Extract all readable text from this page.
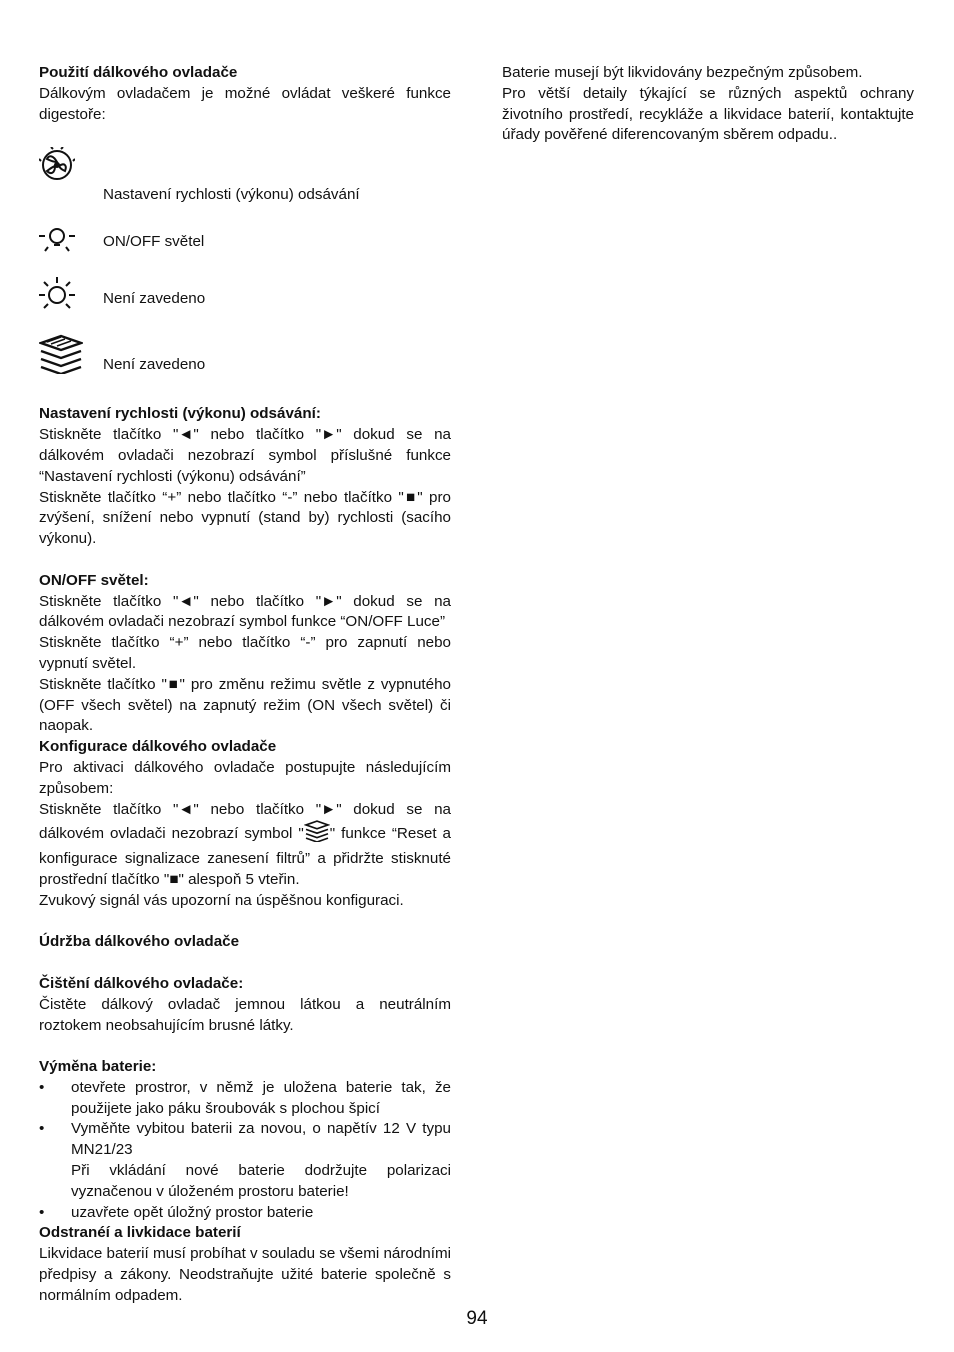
Použití dálkového ovladače

Dálkovým ovladačem je možné ovládat veškeré funkce digestoře:

Nastavení rychlosti (výkonu) odsávání
ON/OFF světel
Není zavedeno
Není zavedeno

Nastavení rychlosti (výkonu) odsávání:

Stiskněte tlačítko "◄" nebo tlačítko "►" dokud se na dálkovém ovladači nezobrazí symbol příslušné funkce “Nastavení rychlosti (výkonu) odsávání”

Stiskněte tlačítko “+” nebo tlačítko “-” nebo tlačítko "■" pro zvýšení, snížení nebo vypnutí (stand by) rychlosti (sacího výkonu).

ON/OFF světel:

Stiskněte tlačítko "◄" nebo tlačítko "►" dokud se na dálkovém ovladači nezobrazí symbol funkce “ON/OFF Luce”

Stiskněte tlačítko “+” nebo tlačítko “-” pro zapnutí nebo vypnutí světel.

Stiskněte tlačítko "■" pro změnu režimu světle z vypnutého (OFF všech světel) na zapnutý režim (ON všech světel) či naopak.

Konfigurace dálkového ovladače

Pro aktivaci dálkového ovladače postupujte následujícím způsobem:

Stiskněte tlačítko "◄" nebo tlačítko "►" dokud se na dálkovém ovladači nezobrazí symbol " " funkce “Reset a konfigurace signalizace zanesení filtrů” a přidržte stisknuté prostřední tlačítko "■" alespoň 5 vteřin.

Zvukový signál vás upozorní na úspěšnou konfiguraci.

Údržba dálkového ovladače

Čištění dálkového ovladače:

Čistěte dálkový ovladač jemnou látkou a neutrálním roztokem neobsahujícím brusné látky.

Výměna baterie:

• otevřete prostror, v němž je uložena baterie tak, že použijete jako páku šroubovák s plochou špicí
• Vyměňte vybitou baterii za novou, o napětív 12 V typu MN21/23
Při vkládání nové baterie dodržujte polarizaci vyznačenou v úloženém prostoru baterie!
• uzavřete opět úložný prostor baterie

Odstranéí a livkidace baterií

Likvidace baterií musí probíhat v souladu se všemi národními předpisy a zákony. Neodstraňujte užité baterie společně s normálním odpadem.

Baterie musejí být likvidovány bezpečným způsobem.

Pro větší detaily týkající se různých aspektů ochrany životního prostředí, recykláže a likvidace baterií, kontaktujte úřady pověřené diferencovaným sběrem odpadu..

94
